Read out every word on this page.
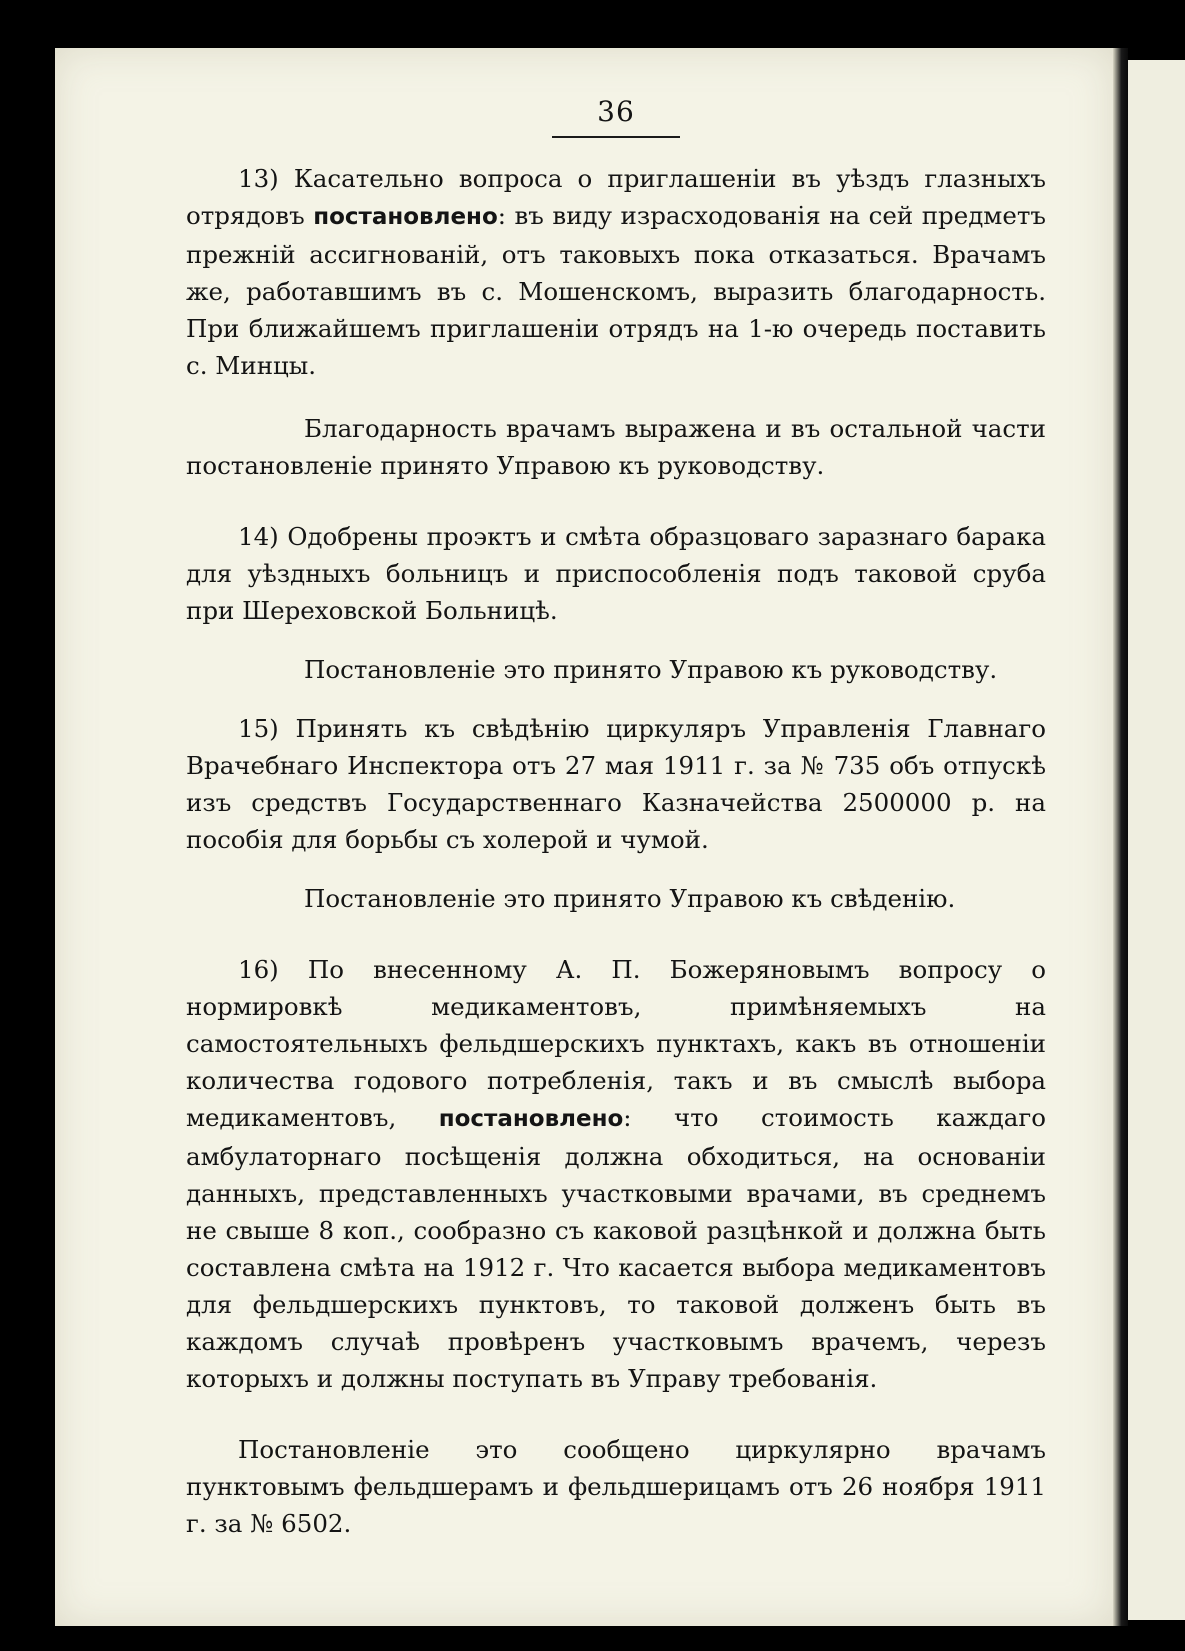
36

13) Касательно вопроса о приглашеніи въ уѣздъ глазныхъ отрядовъ постановлено: въ виду израсходованія на сей предметъ прежній ассигнованій, отъ таковыхъ пока отказаться. Врачамъ же, работавшимъ въ с. Мошенскомъ, выразить благодарность. При ближайшемъ приглашеніи отрядъ на 1-ю очередь поставить с. Минцы.

Благодарность врачамъ выражена и въ остальной части постановленіе принято Управою къ руководству.

14) Одобрены проэктъ и смѣта образцоваго заразнаго барака для уѣздныхъ больницъ и приспособленія подъ таковой сруба при Шереховской Больницѣ.

Постановленіе это принято Управою къ руководству.

15) Принять къ свѣдѣнію циркуляръ Управленія Главнаго Врачебнаго Инспектора отъ 27 мая 1911 г. за № 735 объ отпускѣ изъ средствъ Государственнаго Казначейства 2500000 р. на пособія для борьбы съ холерой и чумой.

Постановленіе это принято Управою къ свѣденію.

16) По внесенному А. П. Божеряновымъ вопросу о нормировкѣ медикаментовъ, примѣняемыхъ на самостоятельныхъ фельдшерскихъ пунктахъ, какъ въ отношеніи количества годового потребленія, такъ и въ смыслѣ выбора медикаментовъ, постановлено: что стоимость каждаго амбулаторнаго посѣщенія должна обходиться, на основаніи данныхъ, представленныхъ участковыми врачами, въ среднемъ не свыше 8 коп., сообразно съ каковой разцѣнкой и должна быть составлена смѣта на 1912 г. Что касается выбора медикаментовъ для фельдшерскихъ пунктовъ, то таковой долженъ быть въ каждомъ случаѣ провѣренъ участковымъ врачемъ, черезъ которыхъ и должны поступать въ Управу требованія.

Постановленіе это сообщено циркулярно врачамъ пунктовымъ фельдшерамъ и фельдшерицамъ отъ 26 ноября 1911 г. за № 6502.
